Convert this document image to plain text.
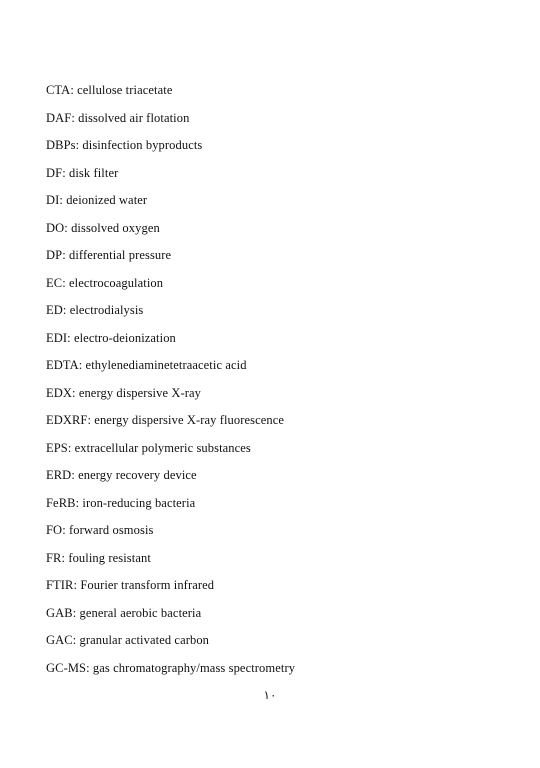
CTA: cellulose triacetate
DAF: dissolved air flotation
DBPs: disinfection byproducts
DF: disk filter
DI: deionized water
DO: dissolved oxygen
DP: differential pressure
EC: electrocoagulation
ED: electrodialysis
EDI: electro-deionization
EDTA: ethylenediaminetetraacetic acid
EDX: energy dispersive X-ray
EDXRF: energy dispersive X-ray fluorescence
EPS: extracellular polymeric substances
ERD: energy recovery device
FeRB: iron-reducing bacteria
FO: forward osmosis
FR: fouling resistant
FTIR: Fourier transform infrared
GAB: general aerobic bacteria
GAC: granular activated carbon
GC-MS: gas chromatography/mass spectrometry
١٠
